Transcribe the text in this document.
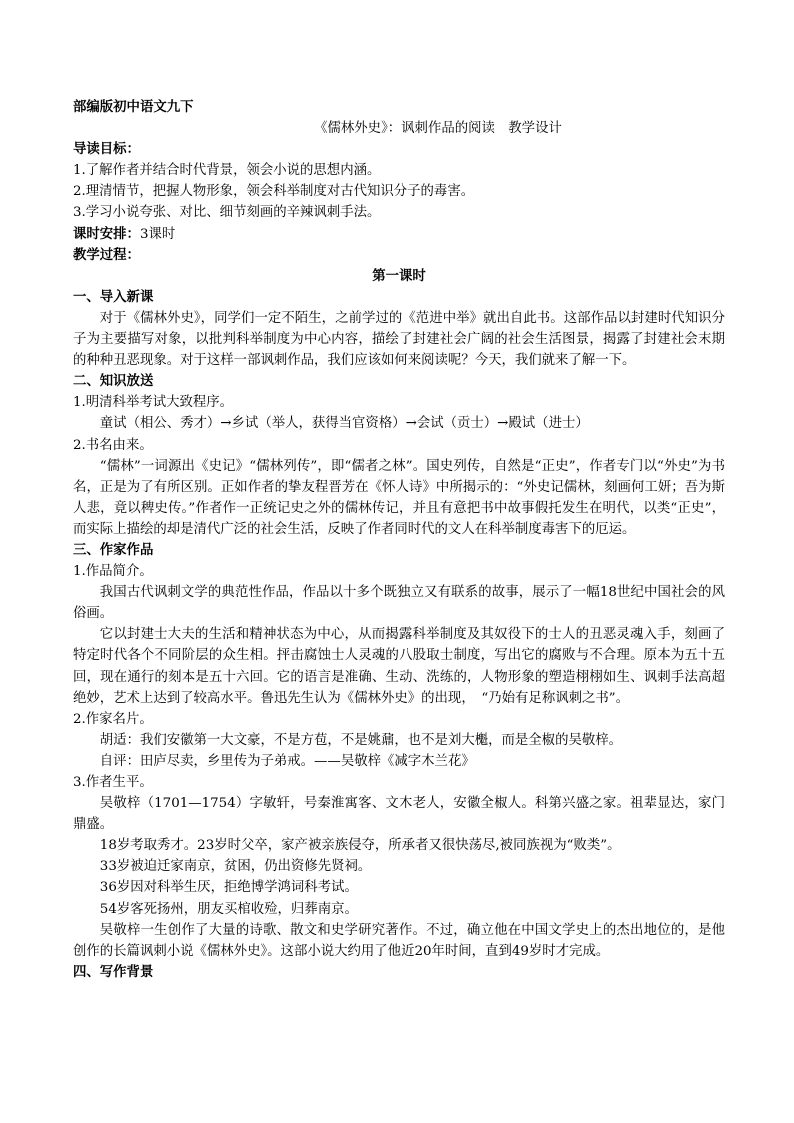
部编版初中语文九下
《儒林外史》：讽刺作品的阅读　教学设计
导读目标：
1.了解作者并结合时代背景，领会小说的思想内涵。
2.理清情节，把握人物形象，领会科举制度对古代知识分子的毒害。
3.学习小说夸张、对比、细节刻画的辛辣讽刺手法。
课时安排：3课时
教学过程：
第一课时
一、导入新课
对于《儒林外史》，同学们一定不陌生，之前学过的《范进中举》就出自此书。这部作品以封建时代知识分子为主要描写对象，以批判科举制度为中心内容，描绘了封建社会广阔的社会生活图景，揭露了封建社会末期的种种丑恶现象。对于这样一部讽刺作品，我们应该如何来阅读呢？今天，我们就来了解一下。
二、知识放送
1.明清科举考试大致程序。
童试（相公、秀才）→乡试（举人，获得当官资格）→会试（贡士）→殿试（进士）
2.书名由来。
“儒林”一词源出《史记》“儒林列传”，即“儒者之林”。国史列传，自然是“正史”，作者专门以“外史”为书名，正是为了有所区别。正如作者的挚友程晋芳在《怀人诗》中所揭示的：“外史记儒林，刻画何工妍；吾为斯人悲，竟以稗史传。”作者作一正统记史之外的儒林传记，并且有意把书中故事假托发生在明代，以类“正史”，而实际上描绘的却是清代广泛的社会生活，反映了作者同时代的文人在科举制度毒害下的厄运。
三、作家作品
1.作品简介。
我国古代讽刺文学的典范性作品，作品以十多个既独立又有联系的故事，展示了一幅18世纪中国社会的风俗画。
它以封建士大夫的生活和精神状态为中心，从而揭露科举制度及其奴役下的士人的丑恶灵魂入手，刻画了特定时代各个不同阶层的众生相。抨击腐蚀士人灵魂的八股取士制度，写出它的腐败与不合理。原本为五十五回，现在通行的刻本是五十六回。它的语言是准确、生动、洗练的，人物形象的塑造栩栩如生、讽刺手法高超绝妙，艺术上达到了较高水平。鲁迅先生认为《儒林外史》的出现，　“乃始有足称讽刺之书”。
2.作家名片。
胡适：我们安徽第一大文豪，不是方苞，不是姚鼐，也不是刘大櫆，而是全椒的吴敬梓。
自评：田庐尽卖，乡里传为子弟戒。——吴敬梓《减字木兰花》
3.作者生平。
吴敬梓（1701—1754）字敏轩，号秦淮寓客、文木老人，安徽全椒人。科第兴盛之家。祖辈显达，家门鼎盛。
18岁考取秀才。23岁时父卒，家产被亲族侵夺，所承者又很快荡尽,被同族视为“败类”。
33岁被迫迁家南京，贫困，仍出资修先贤祠。
36岁因对科举生厌，拒绝博学鸿词科考试。
54岁客死扬州，朋友买棺收殓，归葬南京。
吴敬梓一生创作了大量的诗歌、散文和史学研究著作。不过，确立他在中国文学史上的杰出地位的，是他创作的长篇讽刺小说《儒林外史》。这部小说大约用了他近20年时间，直到49岁时才完成。
四、写作背景
